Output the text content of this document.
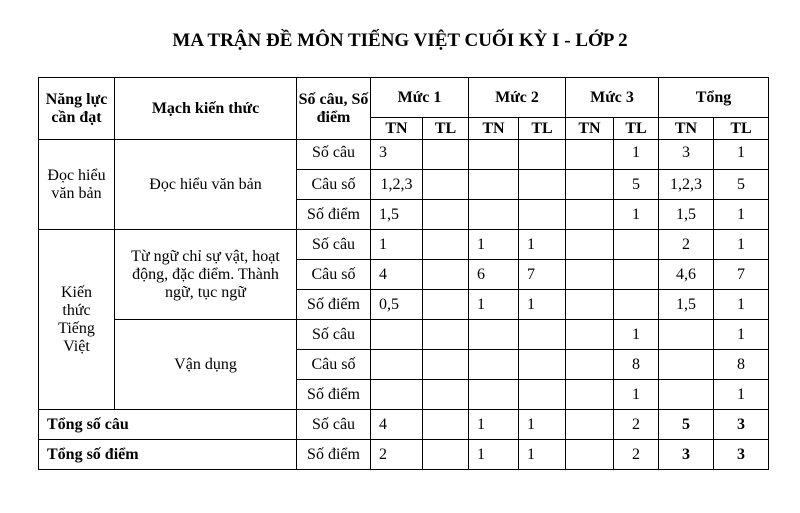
MA TRẬN ĐỀ MÔN TIẾNG VIỆT CUỐI KỲ I - LỚP 2
Năng lực cần đạt	Mạch kiến thức	Số câu, Số điểm	Mức 1		Mức 2		Mức 3		Tổng	
			TN	TL	TN	TL	TN	TL	TN	TL
Đọc hiểu văn bản	Đọc hiểu văn bản	Số câu	3					1	3	1
		Câu số	1,2,3					5	1,2,3	5
		Số điểm	1,5					1	1,5	1
Kiến thức Tiếng Việt	Từ ngữ chỉ sự vật, hoạt động, đặc điểm. Thành ngữ, tục ngữ	Số câu	1		1	1			2	1
		Câu số	4		6	7			4,6	7
		Số điểm	0,5		1	1			1,5	1
	Vận dụng	Số câu						1		1
		Câu số						8		8
		Số điểm						1		1
Tổng số câu		Số câu	4		1	1		2	5	3
Tổng số điểm		Số điểm	2		1	1		2	3	3
